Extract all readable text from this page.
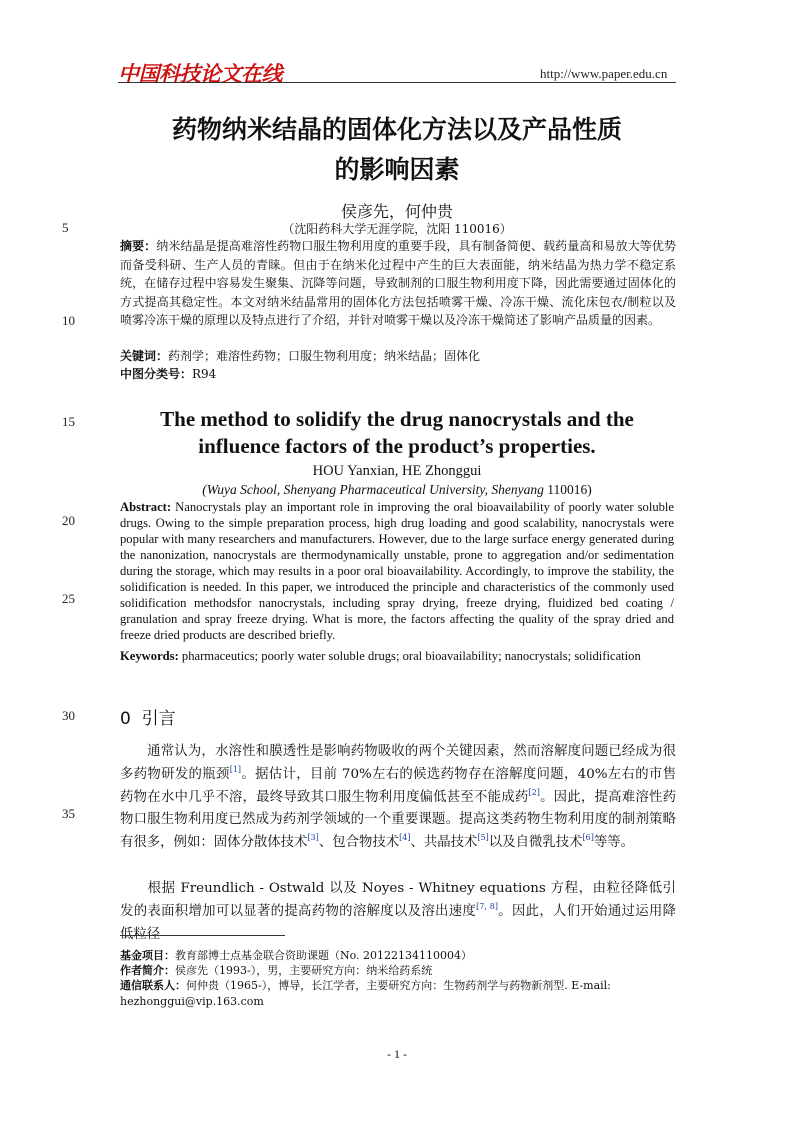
中国科技论文在线	http://www.paper.edu.cn
药物纳米结晶的固体化方法以及产品性质
的影响因素
侯彦先，何仲贵
（沈阳药科大学无涯学院，沈阳 110016）
5
10
15
20
25
30
35
摘要：纳米结晶是提高难溶性药物口服生物利用度的重要手段，具有制备简便、载药量高和易放大等优势而备受科研、生产人员的青睐。但由于在纳米化过程中产生的巨大表面能，纳米结晶为热力学不稳定系统，在储存过程中容易发生聚集、沉降等问题，导致制剂的口服生物利用度下降，因此需要通过固体化的方式提高其稳定性。本文对纳米结晶常用的固体化方法包括喷雾干燥、冷冻干燥、流化床包衣/制粒以及喷雾冷冻干燥的原理以及特点进行了介绍，并针对喷雾干燥以及冷冻干燥简述了影响产品质量的因素。
关键词：药剂学；难溶性药物；口服生物利用度；纳米结晶；固体化
中图分类号：R94
The method to solidify the drug nanocrystals and the
influence factors of the product’s properties.
HOU Yanxian, HE Zhonggui
(Wuya School, Shenyang Pharmaceutical University, Shenyang 110016)
Abstract: Nanocrystals play an important role in improving the oral bioavailability of poorly water soluble drugs. Owing to the simple preparation process, high drug loading and good scalability, nanocrystals were popular with many researchers and manufacturers. However, due to the large surface energy generated during the nanonization, nanocrystals are thermodynamically unstable, prone to aggregation and/or sedimentation during the storage, which may results in a poor oral bioavailability. Accordingly, to improve the stability, the solidification is needed. In this paper, we introduced the principle and characteristics of the commonly used solidification methodsfor nanocrystals, including spray drying, freeze drying, fluidized bed coating / granulation and spray freeze drying. What is more, the factors affecting the quality of the spray dried and freeze dried products are described briefly.
Keywords: pharmaceutics; poorly water soluble drugs; oral bioavailability; nanocrystals; solidification
0 引言
通常认为，水溶性和膜透性是影响药物吸收的两个关键因素，然而溶解度问题已经成为很多药物研发的瓶颈[1]。据估计，目前 70%左右的候选药物存在溶解度问题，40%左右的市售药物在水中几乎不溶，最终导致其口服生物利用度偏低甚至不能成药[2]。因此，提高难溶性药物口服生物利用度已然成为药剂学领域的一个重要课题。提高这类药物生物利用度的制剂策略有很多，例如：固体分散体技术[3]、包合物技术[4]、共晶技术[5]以及自微乳技术[6]等等。
根据 Freundlich - Ostwald 以及 Noyes - Whitney equations 方程，由粒径降低引发的表面积增加可以显著的提高药物的溶解度以及溶出速度[7, 8]。因此，人们开始通过运用降低粒径
基金项目：教育部博士点基金联合资助课题（No. 20122134110004）
作者简介：侯彦先（1993-），男，主要研究方向：纳米给药系统
通信联系人：何仲贵（1965-），博导，长江学者，主要研究方向：生物药剂学与药物新剂型. E-mail: hezhonggui@vip.163.com
- 1 -
